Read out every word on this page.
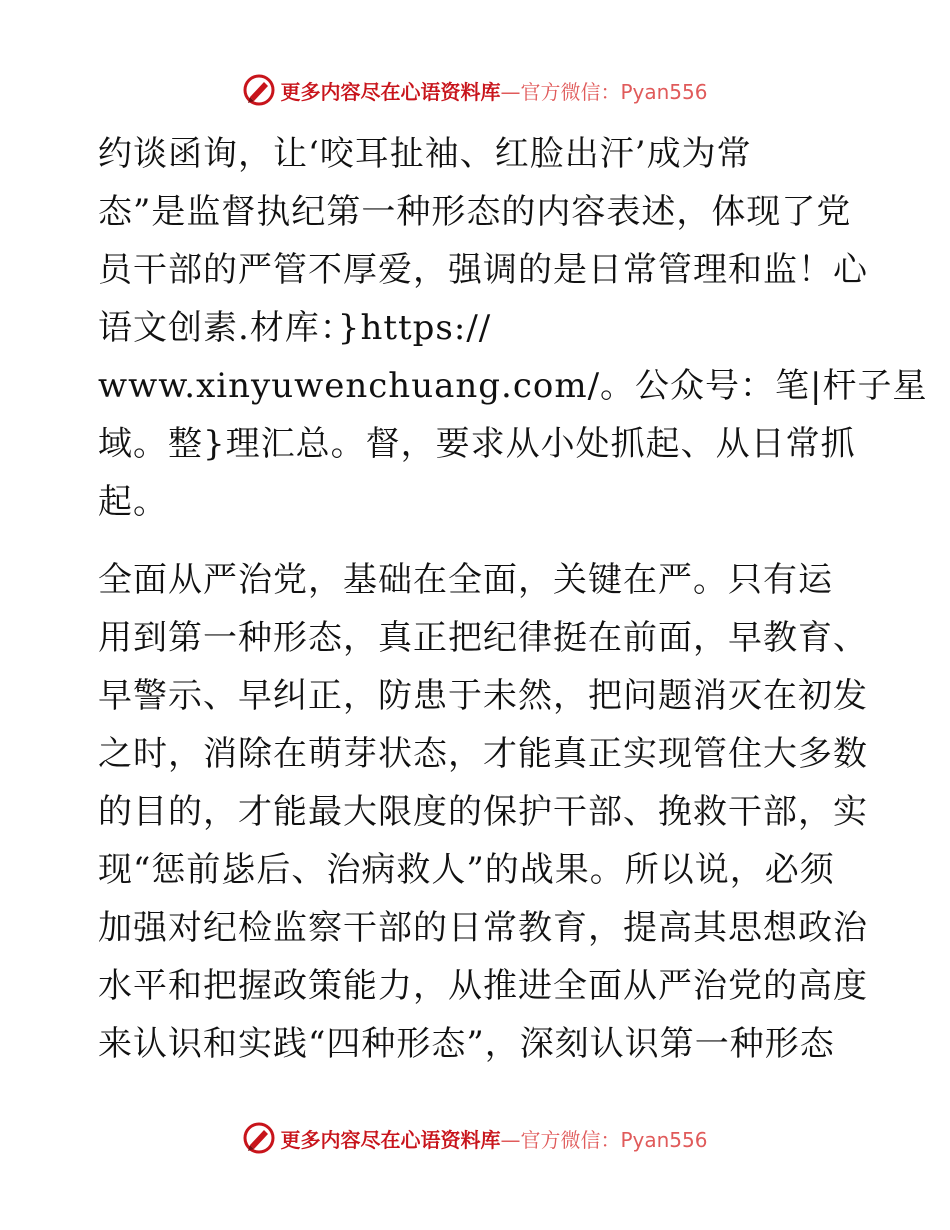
更多内容尽在心语资料库 —官方微信：Pyan556
约谈函询，让‘咬耳扯袖、红脸出汗’成为常
态”是监督执纪第一种形态的内容表述，体现了党
员干部的严管不厚爱，强调的是日常管理和监！心
语文创素.材库：}https://
www.xinyuwenchuang.com/。公众号：笔|杆子星
域。整}理汇总。督，要求从小处抓起、从日常抓
起。
全面从严治党，基础在全面，关键在严。只有运
用到第一种形态，真正把纪律挺在前面，早教育、
早警示、早纠正，防患于未然，把问题消灭在初发
之时，消除在萌芽状态，才能真正实现管住大多数
的目的，才能最大限度的保护干部、挽救干部，实
现“惩前毖后、治病救人”的战果。所以说，必须
加强对纪检监察干部的日常教育，提高其思想政治
水平和把握政策能力，从推进全面从严治党的高度
来认识和实践“四种形态”，深刻认识第一种形态
更多内容尽在心语资料库 —官方微信：Pyan556
